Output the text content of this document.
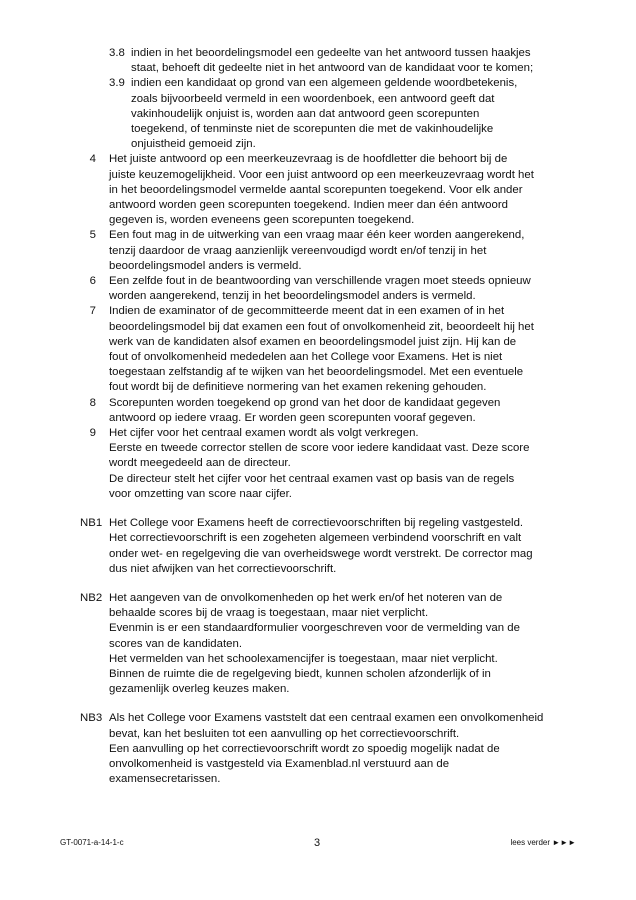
3.8 indien in het beoordelingsmodel een gedeelte van het antwoord tussen haakjes
staat, behoeft dit gedeelte niet in het antwoord van de kandidaat voor te komen;
3.9 indien een kandidaat op grond van een algemeen geldende woordbetekenis,
zoals bijvoorbeeld vermeld in een woordenboek, een antwoord geeft dat
vakinhoudelijk onjuist is, worden aan dat antwoord geen scorepunten
toegekend, of tenminste niet de scorepunten die met de vakinhoudelijke
onjuistheid gemoeid zijn.
4 Het juiste antwoord op een meerkeuzevraag is de hoofdletter die behoort bij de
juiste keuzemogelijkheid. Voor een juist antwoord op een meerkeuzevraag wordt het
in het beoordelingsmodel vermelde aantal scorepunten toegekend. Voor elk ander
antwoord worden geen scorepunten toegekend. Indien meer dan één antwoord
gegeven is, worden eveneens geen scorepunten toegekend.
5 Een fout mag in de uitwerking van een vraag maar één keer worden aangerekend,
tenzij daardoor de vraag aanzienlijk vereenvoudigd wordt en/of tenzij in het
beoordelingsmodel anders is vermeld.
6 Een zelfde fout in de beantwoording van verschillende vragen moet steeds opnieuw
worden aangerekend, tenzij in het beoordelingsmodel anders is vermeld.
7 Indien de examinator of de gecommitteerde meent dat in een examen of in het
beoordelingsmodel bij dat examen een fout of onvolkomenheid zit, beoordeelt hij het
werk van de kandidaten alsof examen en beoordelingsmodel juist zijn. Hij kan de
fout of onvolkomenheid mededelen aan het College voor Examens. Het is niet
toegestaan zelfstandig af te wijken van het beoordelingsmodel. Met een eventuele
fout wordt bij de definitieve normering van het examen rekening gehouden.
8 Scorepunten worden toegekend op grond van het door de kandidaat gegeven
antwoord op iedere vraag. Er worden geen scorepunten vooraf gegeven.
9 Het cijfer voor het centraal examen wordt als volgt verkregen.
Eerste en tweede corrector stellen de score voor iedere kandidaat vast. Deze score
wordt meegedeeld aan de directeur.
De directeur stelt het cijfer voor het centraal examen vast op basis van de regels
voor omzetting van score naar cijfer.
NB1 Het College voor Examens heeft de correctievoorschriften bij regeling vastgesteld.
Het correctievoorschrift is een zogeheten algemeen verbindend voorschrift en valt
onder wet- en regelgeving die van overheidswege wordt verstrekt. De corrector mag
dus niet afwijken van het correctievoorschrift.
NB2 Het aangeven van de onvolkomenheden op het werk en/of het noteren van de
behaalde scores bij de vraag is toegestaan, maar niet verplicht.
Evenmin is er een standaardformulier voorgeschreven voor de vermelding van de
scores van de kandidaten.
Het vermelden van het schoolexamencijfer is toegestaan, maar niet verplicht.
Binnen de ruimte die de regelgeving biedt, kunnen scholen afzonderlijk of in
gezamenlijk overleg keuzes maken.
NB3 Als het College voor Examens vaststelt dat een centraal examen een onvolkomenheid
bevat, kan het besluiten tot een aanvulling op het correctievoorschrift.
Een aanvulling op het correctievoorschrift wordt zo spoedig mogelijk nadat de
onvolkomenheid is vastgesteld via Examenblad.nl verstuurd aan de
examensecretarissen.
GT-0071-a-14-1-c	3	lees verder ►►►
